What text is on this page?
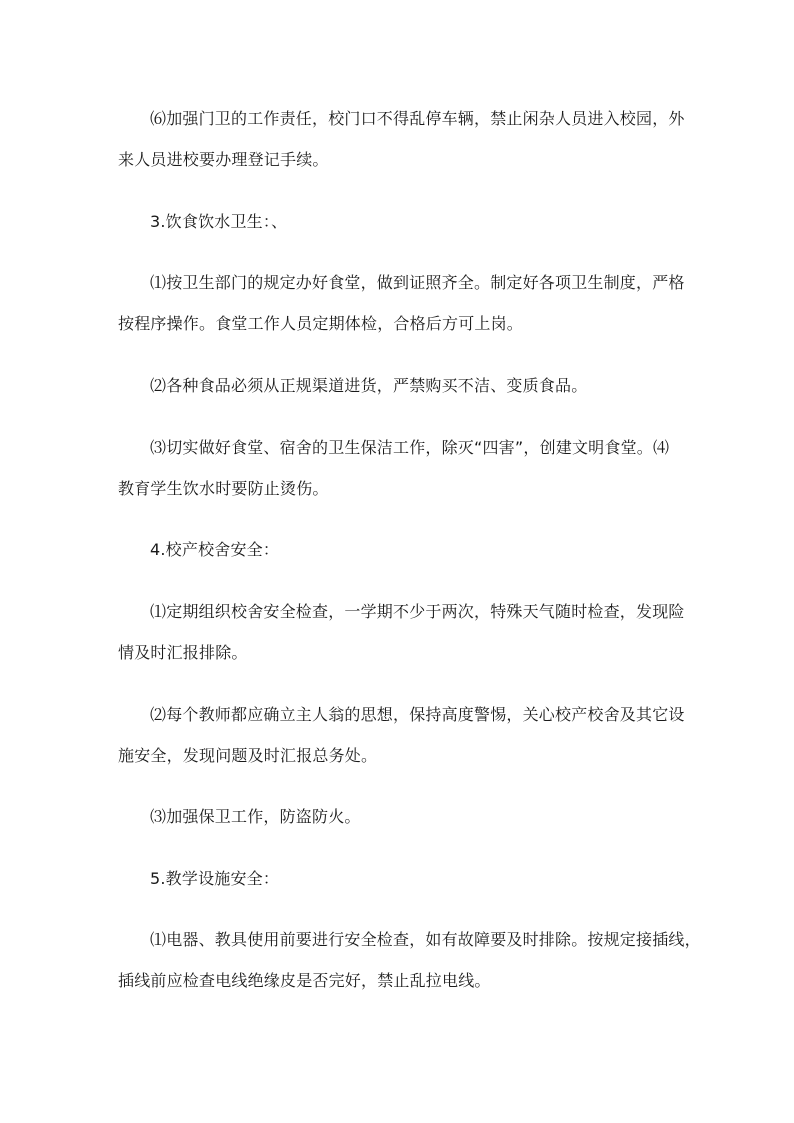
⑹加强门卫的工作责任，校门口不得乱停车辆，禁止闲杂人员进入校园，外
来人员进校要办理登记手续。
3.饮食饮水卫生：、
⑴按卫生部门的规定办好食堂，做到证照齐全。制定好各项卫生制度，严格
按程序操作。食堂工作人员定期体检，合格后方可上岗。
⑵各种食品必须从正规渠道进货，严禁购买不洁、变质食品。
⑶切实做好食堂、宿舍的卫生保洁工作，除灭“四害”，创建文明食堂。⑷
教育学生饮水时要防止烫伤。
4.校产校舍安全：
⑴定期组织校舍安全检查，一学期不少于两次，特殊天气随时检查，发现险
情及时汇报排除。
⑵每个教师都应确立主人翁的思想，保持高度警惕，关心校产校舍及其它设
施安全，发现问题及时汇报总务处。
⑶加强保卫工作，防盗防火。
5.教学设施安全：
⑴电器、教具使用前要进行安全检查，如有故障要及时排除。按规定接插线，
插线前应检查电线绝缘皮是否完好，禁止乱拉电线。
